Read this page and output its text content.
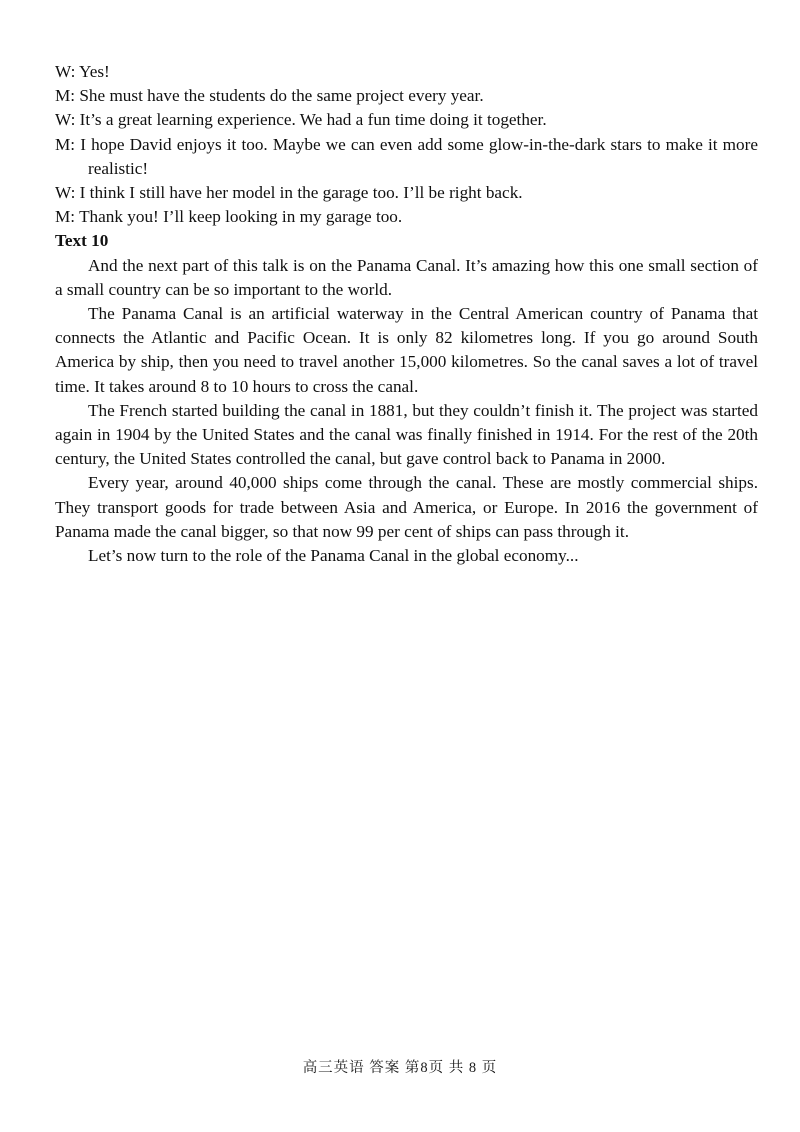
W: Yes!
M: She must have the students do the same project every year.
W: It’s a great learning experience. We had a fun time doing it together.
M: I hope David enjoys it too. Maybe we can even add some glow-in-the-dark stars to make it more realistic!
W: I think I still have her model in the garage too. I’ll be right back.
M: Thank you! I’ll keep looking in my garage too.
Text 10

And the next part of this talk is on the Panama Canal. It’s amazing how this one small section of a small country can be so important to the world.

The Panama Canal is an artificial waterway in the Central American country of Panama that connects the Atlantic and Pacific Ocean. It is only 82 kilometres long. If you go around South America by ship, then you need to travel another 15,000 kilometres. So the canal saves a lot of travel time. It takes around 8 to 10 hours to cross the canal.

The French started building the canal in 1881, but they couldn’t finish it. The project was started again in 1904 by the United States and the canal was finally finished in 1914. For the rest of the 20th century, the United States controlled the canal, but gave control back to Panama in 2000.

Every year, around 40,000 ships come through the canal. These are mostly commercial ships. They transport goods for trade between Asia and America, or Europe. In 2016 the government of Panama made the canal bigger, so that now 99 per cent of ships can pass through it.

Let’s now turn to the role of the Panama Canal in the global economy...

高三英语 答案 第8页 共 8 页
